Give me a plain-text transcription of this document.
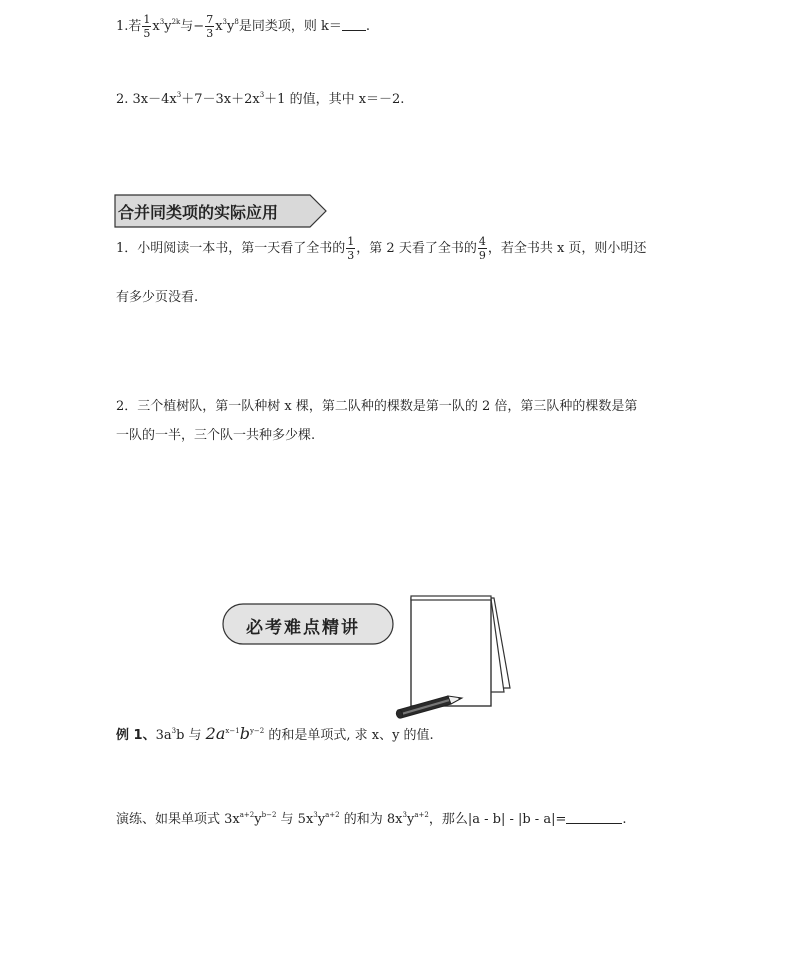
1.若 $\frac{1}{5} x^3y^{2k}$与− $\frac{7}{3} x^3y^8$是同类项，则 k＝ .
2. $3x-4x^3+7-3x+2x^3+1$ 的值，其中 x＝－2.
合并同类项的实际应用
1．小明阅读一本书，第一天看了全书的 $\frac{1}{3}$ ，第 2 天看了全书的 $\frac{4}{9}$ ，若全书共 x 页，则小明还
有多少页没看.
2．三个植树队，第一队种树 x 棵，第二队种的棵数是第一队的 2 倍，第三队种的棵数是第
一队的一半，三个队一共种多少棵.
必考难点精讲
例 1、$3a^3b$ 与 $2a^{x-1}b^{y-2}$ 的和是单项式, 求 x、y 的值.
演练、如果单项式 $3x^{a+2}y^{b-2}$ 与 $5x^3y^{a+2}$ 的和为 $8x^3y^{a+2}$，那么|a - b| - |b - a|=	.
